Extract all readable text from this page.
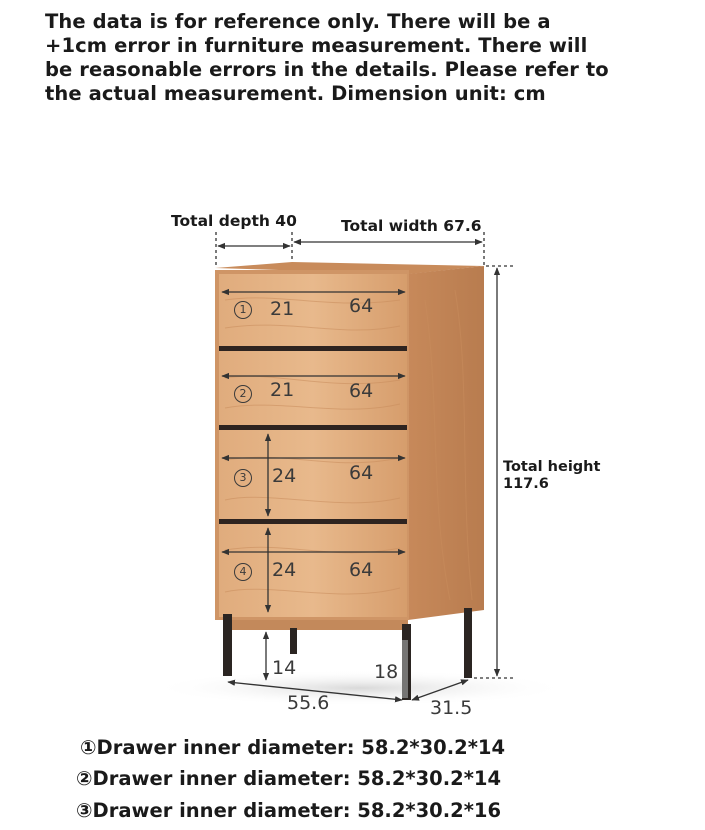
The data is for reference only. There will be a
+1cm error in furniture measurement. There will
be reasonable errors in the details. Please refer to
the actual measurement. Dimension unit: cm
Total depth 40	Total width 67.6
Total height
117.6
1 21	64
2 21	64
3 24	64
4 24	64
14	18
55.6	31.5
①Drawer inner diameter: 58.2*30.2*14
②Drawer inner diameter: 58.2*30.2*14
③Drawer inner diameter: 58.2*30.2*16
